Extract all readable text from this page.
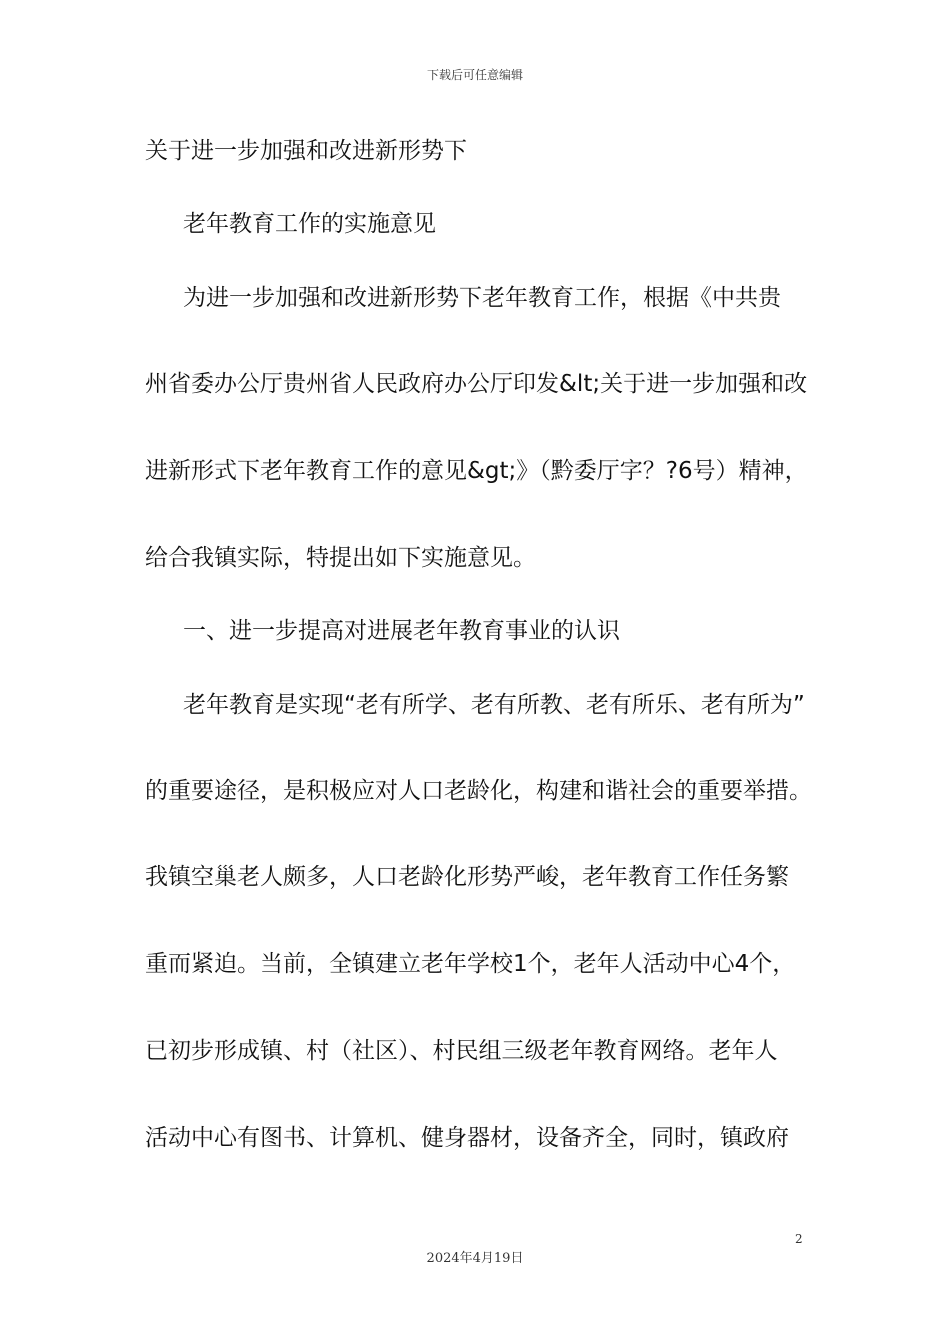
下载后可任意编辑
关于进一步加强和改进新形势下
老年教育工作的实施意见
为进一步加强和改进新形势下老年教育工作，根据《中共贵
州省委办公厅贵州省人民政府办公厅印发&lt;关于进一步加强和改
进新形式下老年教育工作的意见&gt;》（黔委厅字？?6号）精神，
给合我镇实际，特提出如下实施意见。
一、进一步提高对进展老年教育事业的认识
老年教育是实现“老有所学、老有所教、老有所乐、老有所为”
的重要途径，是积极应对人口老龄化，构建和谐社会的重要举措。
我镇空巢老人颇多，人口老龄化形势严峻，老年教育工作任务繁
重而紧迫。当前，全镇建立老年学校1个，老年人活动中心4个，
已初步形成镇、村（社区）、村民组三级老年教育网络。老年人
活动中心有图书、计算机、健身器材，设备齐全，同时，镇政府
2
2024年4月19日
